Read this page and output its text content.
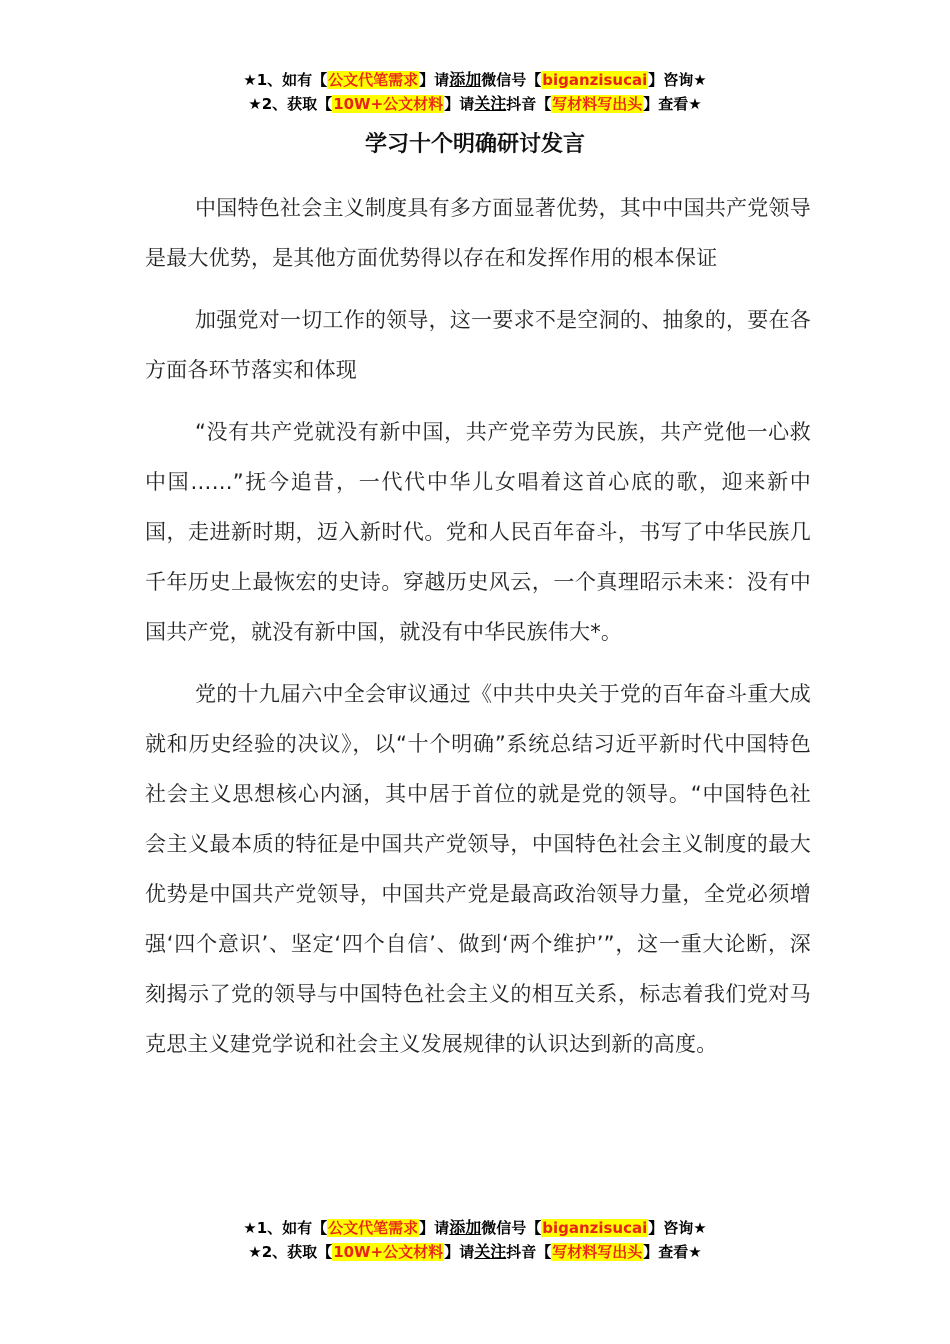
★1、如有【公文代笔需求】请添加微信号【biganzisucai】咨询★
★2、获取【10W+公文材料】请关注抖音【写材料写出头】查看★
学习十个明确研讨发言

中国特色社会主义制度具有多方面显著优势，其中中国共产党领导是最大优势，是其他方面优势得以存在和发挥作用的根本保证

加强党对一切工作的领导，这一要求不是空洞的、抽象的，要在各方面各环节落实和体现

“没有共产党就没有新中国，共产党辛劳为民族，共产党他一心救中国……”抚今追昔，一代代中华儿女唱着这首心底的歌，迎来新中国，走进新时期，迈入新时代。党和人民百年奋斗，书写了中华民族几千年历史上最恢宏的史诗。穿越历史风云，一个真理昭示未来：没有中国共产党，就没有新中国，就没有中华民族伟大*。

党的十九届六中全会审议通过《中共中央关于党的百年奋斗重大成就和历史经验的决议》，以“十个明确”系统总结习近平新时代中国特色社会主义思想核心内涵，其中居于首位的就是党的领导。“中国特色社会主义最本质的特征是中国共产党领导，中国特色社会主义制度的最大优势是中国共产党领导，中国共产党是最高政治领导力量，全党必须增强‘四个意识’、坚定‘四个自信’、做到‘两个维护’”，这一重大论断，深刻揭示了党的领导与中国特色社会主义的相互关系，标志着我们党对马克思主义建党学说和社会主义发展规律的认识达到新的高度。

★1、如有【公文代笔需求】请添加微信号【biganzisucai】咨询★
★2、获取【10W+公文材料】请关注抖音【写材料写出头】查看★
